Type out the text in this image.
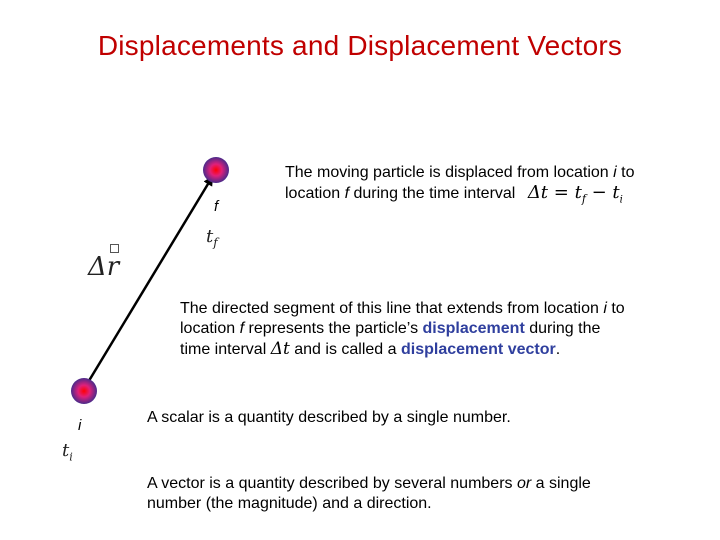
Displacements and Displacement Vectors
f
i
$t_f$
$t_i$
Δr
The moving particle is displaced from location i to
location f during the time interval $\Delta t = t_f - t_i$
The directed segment of this line that extends from location i to
location f represents the particle’s displacement during the
time interval Δt and is called a displacement vector.
A scalar is a quantity described by a single number.
A vector is a quantity described by several numbers or a single
number (the magnitude) and a direction.
